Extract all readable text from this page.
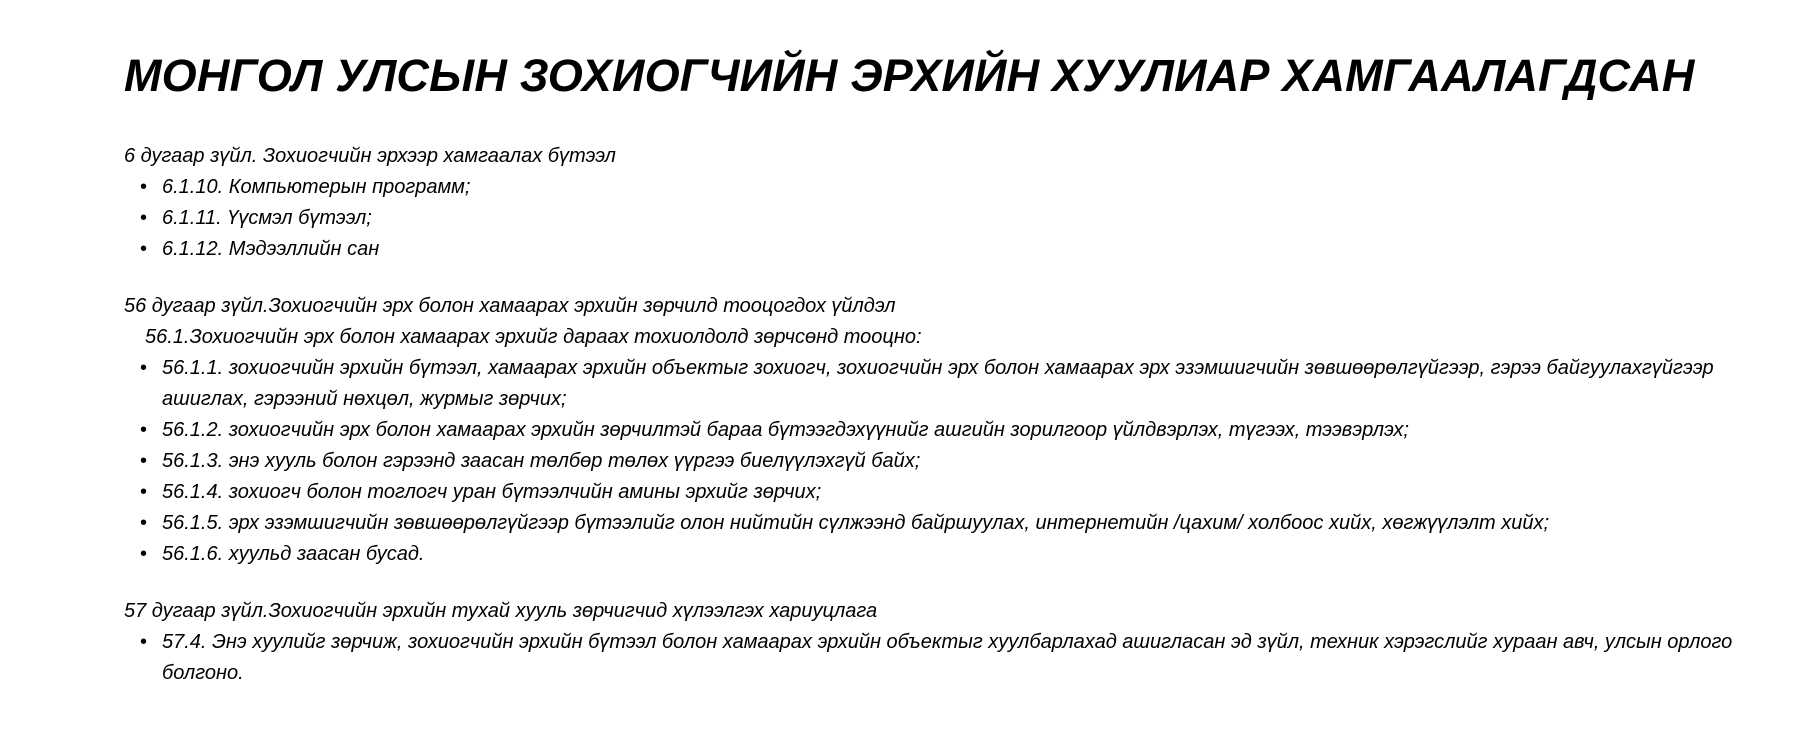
МОНГОЛ УЛСЫН ЗОХИОГЧИЙН ЭРХИЙН ХУУЛИАР ХАМГААЛАГДСАН

6 дугаар зүйл. Зохиогчийн эрхээр хамгаалах бүтээл

• 6.1.10. Компьютерын программ;
• 6.1.11. Үүсмэл бүтээл;
• 6.1.12. Мэдээллийн сан

56 дугаар зүйл.Зохиогчийн эрх болон хамаарах эрхийн зөрчилд тооцогдох үйлдэл

56.1.Зохиогчийн эрх болон хамаарах эрхийг дараах тохиолдолд зөрчсөнд тооцно:

• 56.1.1. зохиогчийн эрхийн бүтээл, хамаарах эрхийн объектыг зохиогч, зохиогчийн эрх болон хамаарах эрх эзэмшигчийн зөвшөөрөлгүйгээр, гэрээ байгуулахгүйгээр ашиглах, гэрээний нөхцөл, журмыг зөрчих;
• 56.1.2. зохиогчийн эрх болон хамаарах эрхийн зөрчилтэй бараа бүтээгдэхүүнийг ашгийн зорилгоор үйлдвэрлэх, түгээх, тээвэрлэх;
• 56.1.3. энэ хууль болон гэрээнд заасан төлбөр төлөх үүргээ биелүүлэхгүй байх;
• 56.1.4. зохиогч болон тоглогч уран бүтээлчийн амины эрхийг зөрчих;
• 56.1.5. эрх эзэмшигчийн зөвшөөрөлгүйгээр бүтээлийг олон нийтийн сүлжээнд байршуулах, интернетийн /цахим/ холбоос хийх, хөгжүүлэлт хийх;
• 56.1.6. хуульд заасан бусад.

57 дугаар зүйл.Зохиогчийн эрхийн тухай хууль зөрчигчид хүлээлгэх хариуцлага

• 57.4. Энэ хуулийг зөрчиж, зохиогчийн эрхийн бүтээл болон хамаарах эрхийн объектыг хуулбарлахад ашигласан эд зүйл, техник хэрэгслийг хураан авч, улсын орлого болгоно.
